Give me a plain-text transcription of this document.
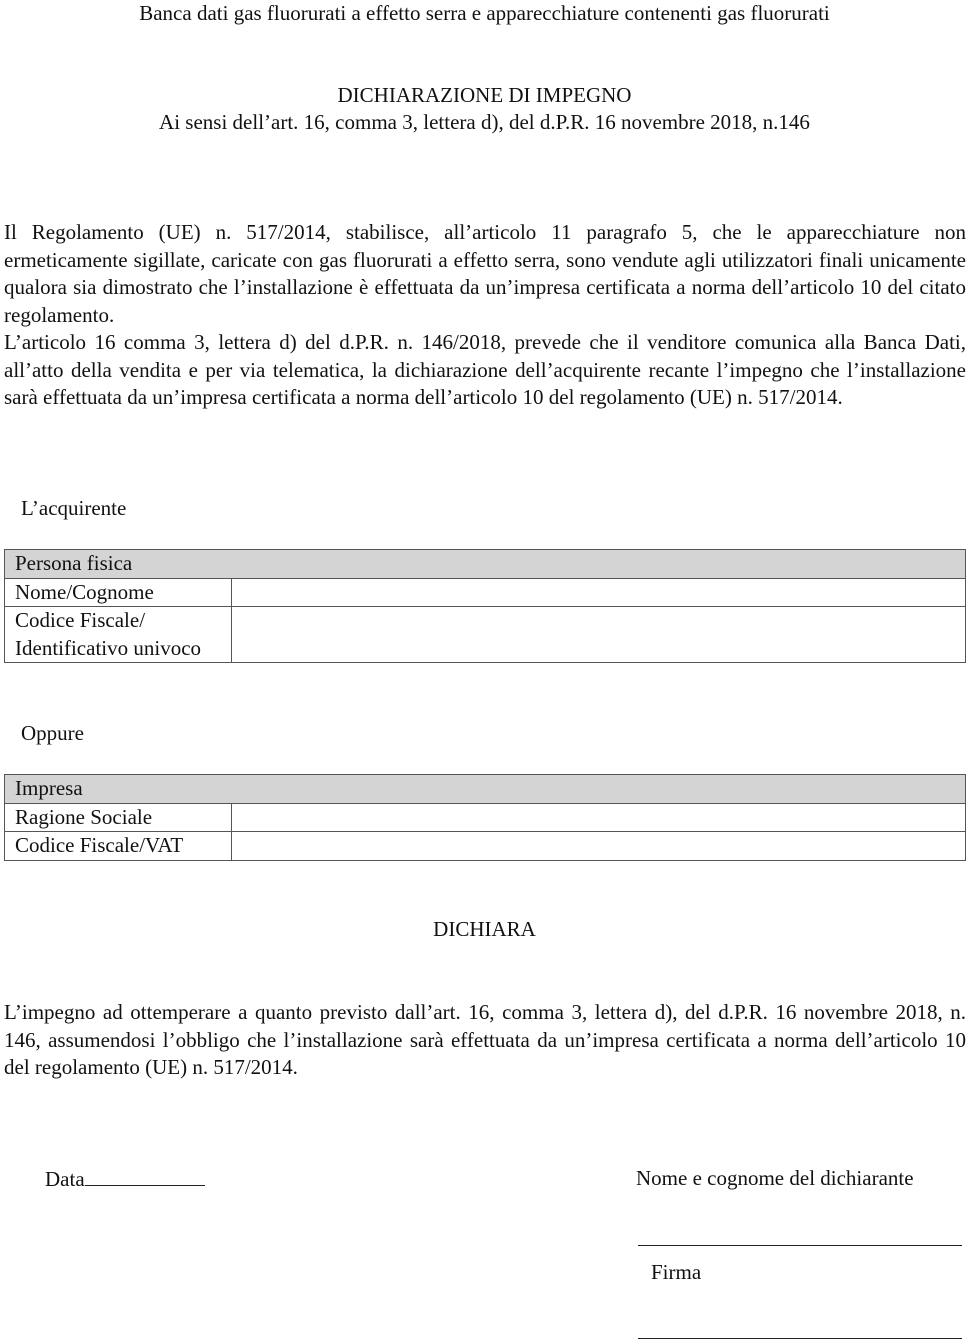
Banca dati gas fluorurati a effetto serra e apparecchiature contenenti gas fluorurati
DICHIARAZIONE DI IMPEGNO
Ai sensi dell’art. 16, comma 3, lettera d), del d.P.R. 16 novembre 2018, n.146

Il Regolamento (UE) n. 517/2014, stabilisce, all’articolo 11 paragrafo 5, che le apparecchiature non ermeticamente sigillate, caricate con gas fluorurati a effetto serra, sono vendute agli utilizzatori finali unicamente qualora sia dimostrato che l’installazione è effettuata da un’impresa certificata a norma dell’articolo 10 del citato regolamento.

L’articolo 16 comma 3, lettera d) del d.P.R. n. 146/2018, prevede che il venditore comunica alla Banca Dati, all’atto della vendita e per via telematica, la dichiarazione dell’acquirente recante l’impegno che l’installazione sarà effettuata da un’impresa certificata a norma dell’articolo 10 del regolamento (UE) n. 517/2014.

L’acquirente
Persona fisica	
Nome/Cognome	
Codice Fiscale/ Identificativo univoco	
Oppure
Impresa	
Ragione Sociale	
Codice Fiscale/VAT	
DICHIARA

L’impegno ad ottemperare a quanto previsto dall’art. 16, comma 3, lettera d), del d.P.R. 16 novembre 2018, n. 146, assumendosi l’obbligo che l’installazione sarà effettuata da un’impresa certificata a norma dell’articolo 10 del regolamento (UE) n. 517/2014.

Data	Nome e cognome del dichiarante
Firma
